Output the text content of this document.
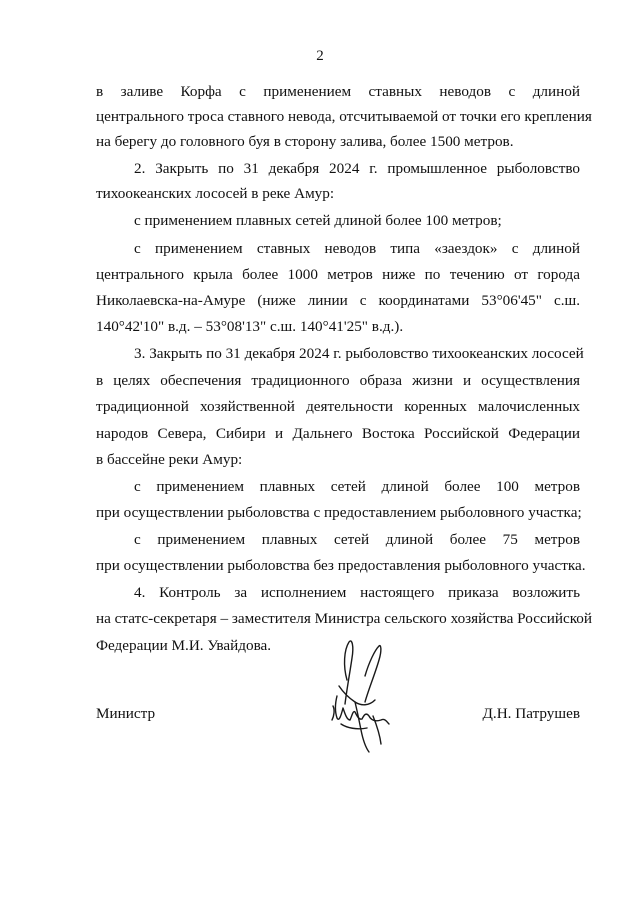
2
в заливе Корфа с применением ставных неводов с длиной
центрального троса ставного невода, отсчитываемой от точки его крепления
на берегу до головного буя в сторону залива, более 1500 метров.
2. Закрыть по 31 декабря 2024 г. промышленное рыболовство
тихоокеанских лососей в реке Амур:
с применением плавных сетей длиной более 100 метров;
с применением ставных неводов типа «заездок» с длиной
центрального крыла более 1000 метров ниже по течению от города
Николаевска-на-Амуре (ниже линии с координатами 53°06'45" с.ш.
140°42'10" в.д. – 53°08'13" с.ш. 140°41'25" в.д.).
3. Закрыть по 31 декабря 2024 г. рыболовство тихоокеанских лососей
в целях обеспечения традиционного образа жизни и осуществления
традиционной хозяйственной деятельности коренных малочисленных
народов Севера, Сибири и Дальнего Востока Российской Федерации
в бассейне реки Амур:
с применением плавных сетей длиной более 100 метров
при осуществлении рыболовства с предоставлением рыболовного участка;
с применением плавных сетей длиной более 75 метров
при осуществлении рыболовства без предоставления рыболовного участка.
4. Контроль за исполнением настоящего приказа возложить
на статс-секретаря – заместителя Министра сельского хозяйства Российской
Федерации М.И. Увайдова.
Министр	Д.Н. Патрушев
